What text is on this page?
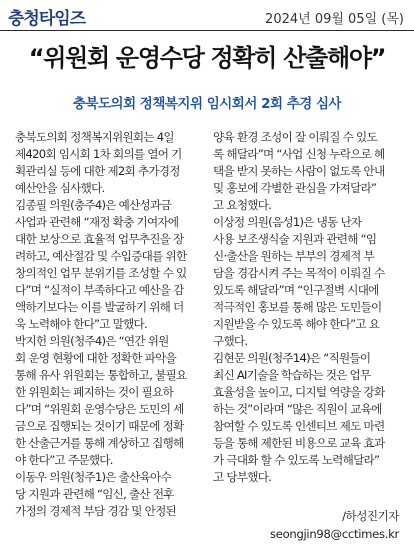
충청타임즈	2024년 09월 05일 (목)
“위원회 운영수당 정확히 산출해야”
충북도의회 정책복지위 임시회서 2회 추경 심사
충북도의회 정책복지위원회는 4일
제420회 임시회 1차 회의를 열어 기
획관리실 등에 대한 제2회 추가경정
예산안을 심사했다.
김종필 의원(충주4)은 예산성과금
사업과 관련해 “재정 확충 기여자에
대한 보상으로 효율적 업무추진을 장
려하고, 예산절감 및 수입증대를 위한
창의적인 업무 분위기를 조성할 수 있
다”며 “실적이 부족하다고 예산을 감
액하기보다는 이를 발굴하기 위해 더
욱 노력해야 한다”고 말했다.
박지헌 의원(청주4)은 “연간 위원
회 운영 현황에 대한 정확한 파악을
통해 유사 위원회는 통합하고, 불필요
한 위원회는 폐지하는 것이 필요하
다”며 “위원회 운영수당은 도민의 세
금으로 집행되는 것이기 때문에 정확
한 산출근거를 통해 계상하고 집행해
야 한다”고 주문했다.
이동우 의원(청주1)은 출산육아수
당 지원과 관련해 “임신, 출산 전후
가정의 경제적 부담 경감 및 안정된
양육 환경 조성이 잘 이뤄질 수 있도
록 해달라”며 “사업 신청 누락으로 혜
택을 받지 못하는 사람이 없도록 안내
및 홍보에 각별한 관심을 가져달라”
고 요청했다.
이상정 의원(음성1)은 냉동 난자
사용 보조생식술 지원과 관련해 “임
신·출산을 원하는 부부의 경제적 부
담을 경감시켜 주는 목적이 이뤄질 수
있도록 해달라”며 “인구절벽 시대에
적극적인 홍보를 통해 많은 도민들이
지원받을 수 있도록 해야 한다”고 요
구했다.
김현문 의원(청주14)은 “직원들이
최신 AI기술을 학습하는 것은 업무
효율성을 높이고, 디지털 역량을 강화
하는 것”이라며 “많은 직원이 교육에
참여할 수 있도록 인센티브 제도 마련
등을 통해 제한된 비용으로 교육 효과
가 극대화 할 수 있도록 노력해달라”
고 당부했다.
/하성진기자
seongjin98@cctimes.kr
